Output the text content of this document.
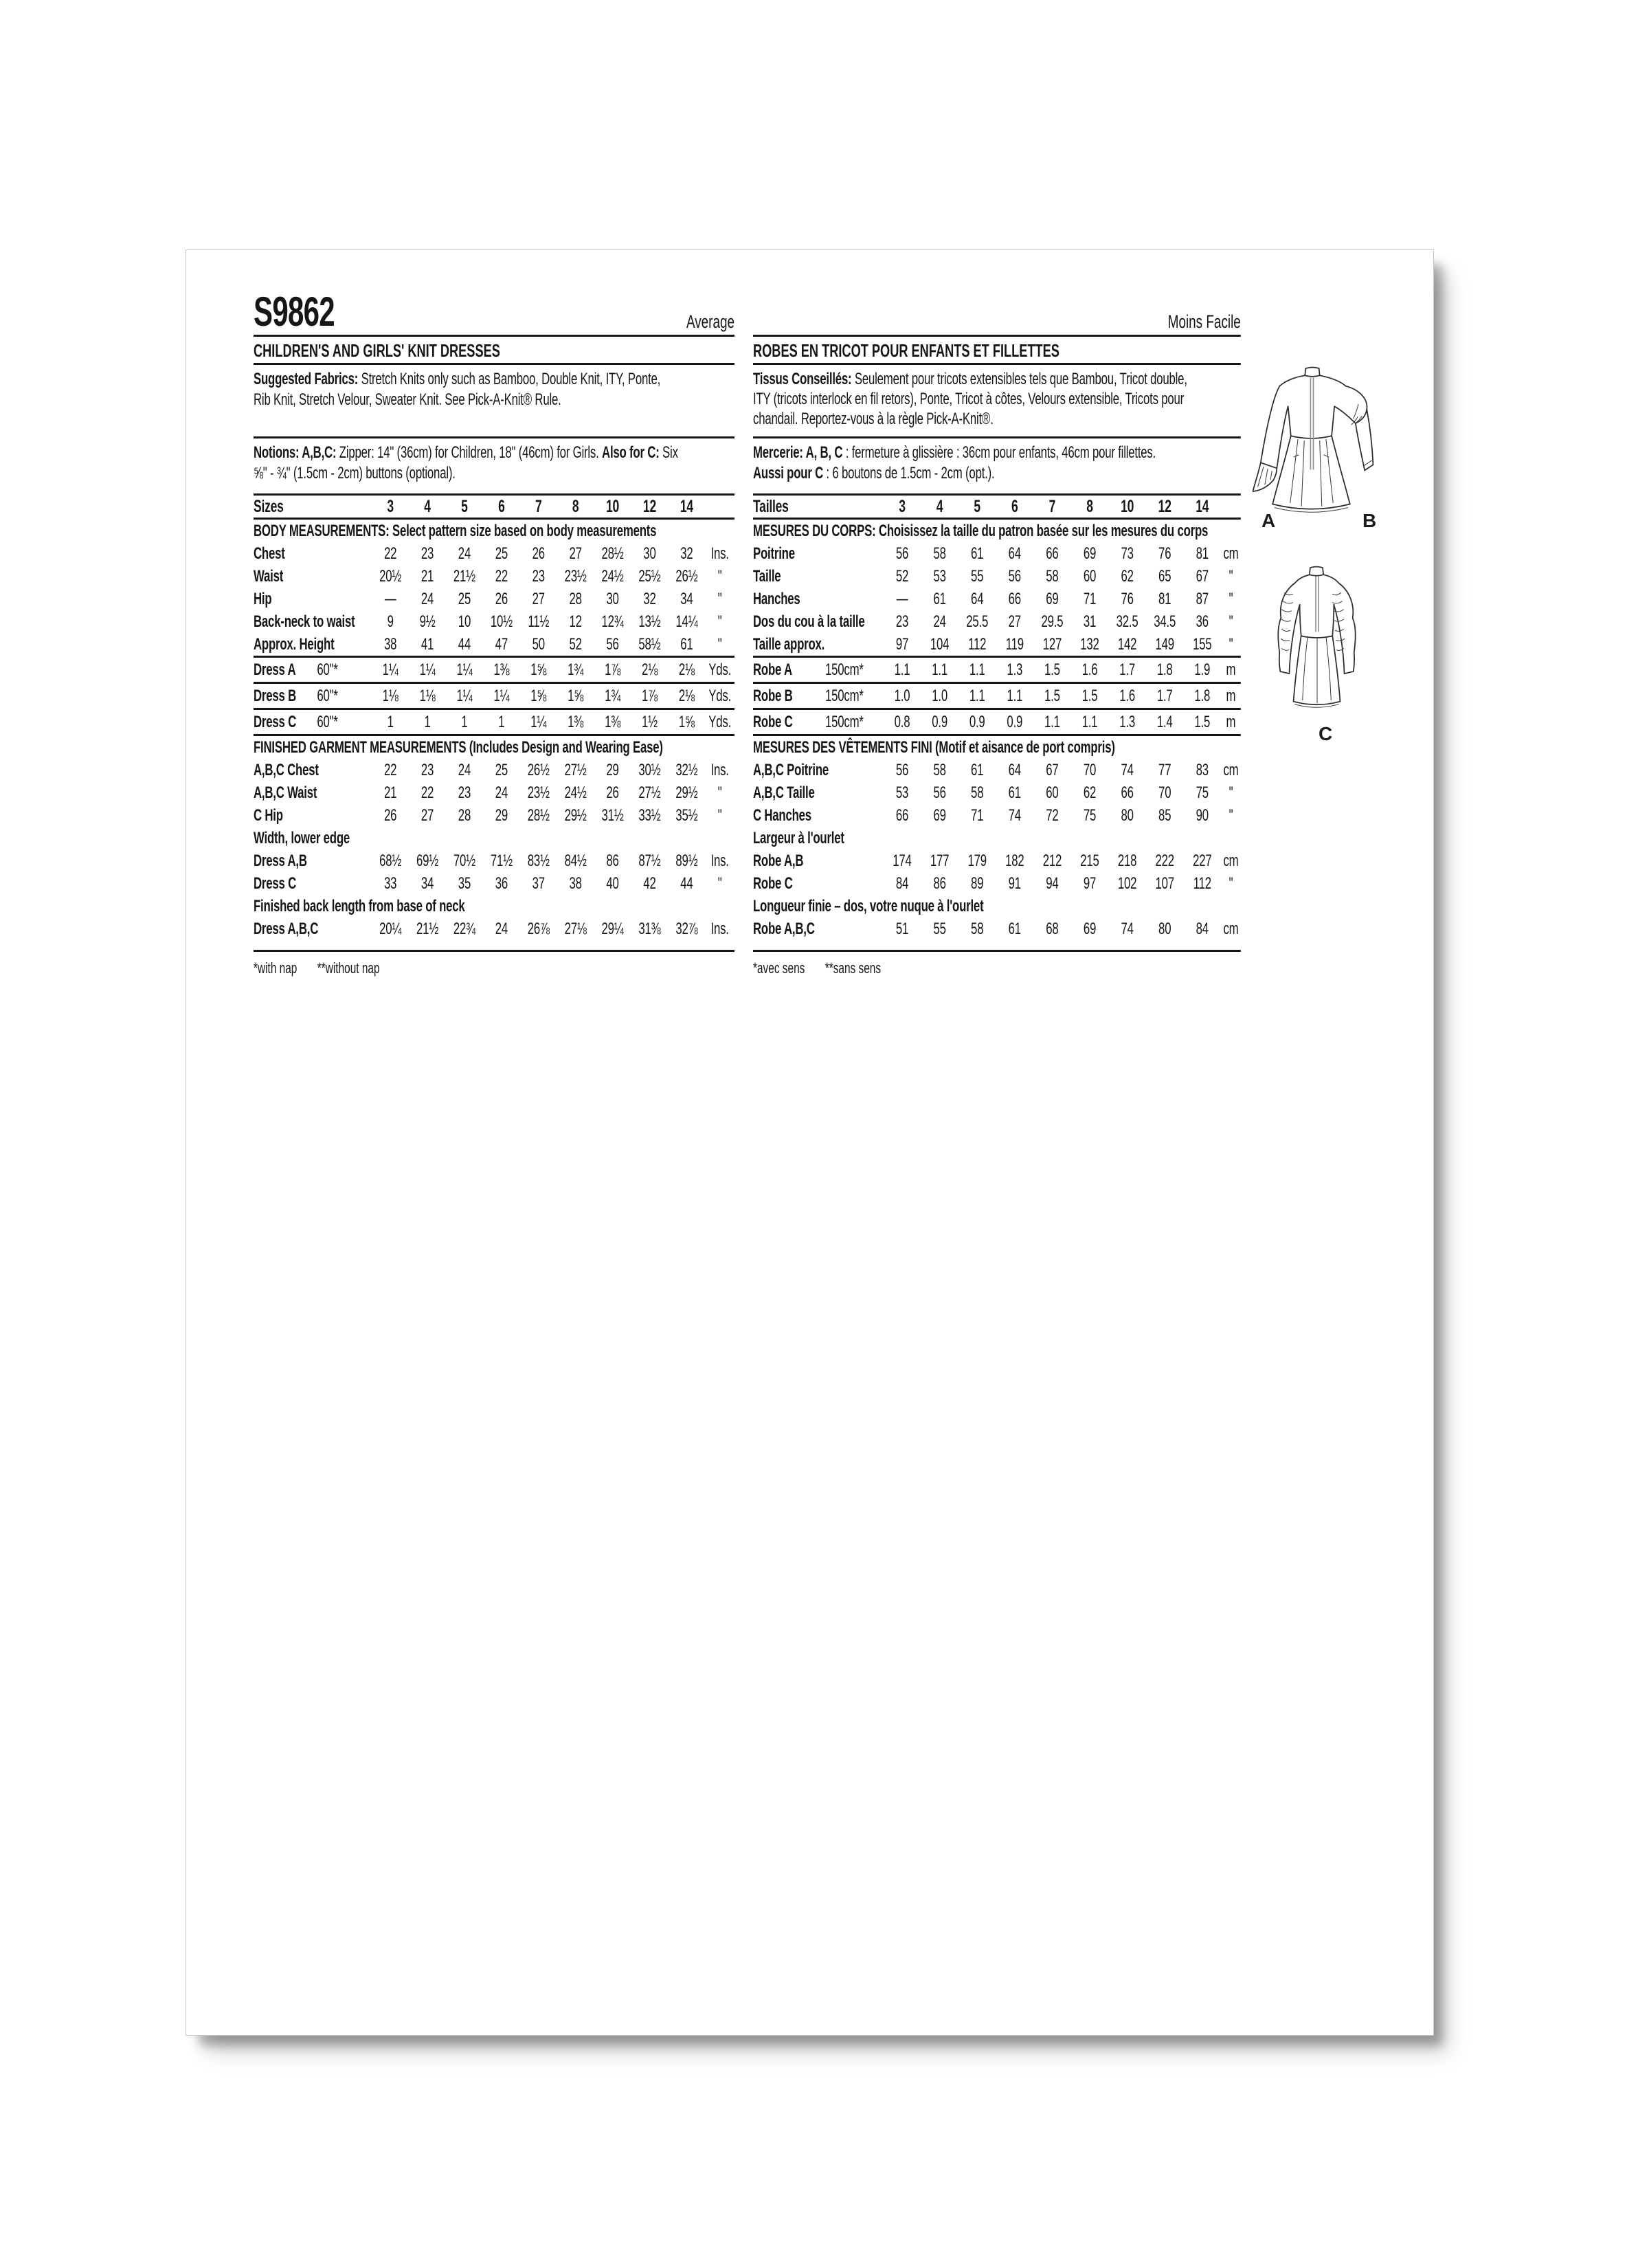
S9862	Average
CHILDREN'S AND GIRLS' KNIT DRESSES
Suggested Fabrics: Stretch Knits only such as Bamboo, Double Knit, ITY, Ponte,
Rib Knit, Stretch Velour, Sweater Knit. See Pick-A-Knit® Rule.
Notions: A,B,C: Zipper: 14" (36cm) for Children, 18" (46cm) for Girls. Also for C: Six
⅝" - ¾" (1.5cm - 2cm) buttons (optional).
Sizes	3	4	5	6	7	8	10	12	14
BODY MEASUREMENTS: Select pattern size based on body measurements
Chest	22	23	24	25	26	27	28½	30	32	Ins.
Waist	20½	21	21½	22	23	23½ 24½ 25½ 26½	"
Hip	—	24	25	26	27	28	30	32	34	"
Back-neck to waist	9	9½	10	10½ 11½	12	12¾ 13½ 14¼	"
Approx. Height	38	41	44	47	50	52	56	58½	61	"
Dress A 60"*	1¼	1¼	1¼	1⅜	1⅝	1¾	1⅞	2⅛	2⅛ Yds.
Dress B 60"*	1⅛	1⅛	1¼	1¼	1⅝	1⅝	1¾	1⅞	2⅛ Yds.
Dress C 60"*	1	1	1	1	1¼	1⅜	1⅜	1½	1⅝ Yds.
FINISHED GARMENT MEASUREMENTS (Includes Design and Wearing Ease)
A,B,C Chest	22	23	24	25	26½ 27½	29	30½ 32½ Ins.
A,B,C Waist	21	22	23	24	23½ 24½	26	27½ 29½	"
C Hip	26	27	28	29	28½ 29½ 31½ 33½ 35½	"
Width, lower edge
Dress A,B	68½ 69½ 70½ 71½ 83½ 84½	86	87½ 89½ Ins.
Dress C	33	34	35	36	37	38	40	42	44	"
Finished back length from base of neck
Dress A,B,C	20¼ 21½ 22¾	24	26⅞ 27⅛ 29¼ 31⅜ 32⅞ Ins.
*with nap **without nap
Moins Facile
ROBES EN TRICOT POUR ENFANTS ET FILLETTES
Tissus Conseillés: Seulement pour tricots extensibles tels que Bambou, Tricot double,
ITY (tricots interlock en fil retors), Ponte, Tricot à côtes, Velours extensible, Tricots pour
chandail. Reportez-vous à la règle Pick-A-Knit®.
Mercerie: A, B, C : fermeture à glissière : 36cm pour enfants, 46cm pour fillettes.
Aussi pour C : 6 boutons de 1.5cm - 2cm (opt.).
Tailles	3	4	5	6	7	8	10	12	14
MESURES DU CORPS: Choisissez la taille du patron basée sur les mesures du corps
Poitrine	56	58	61	64	66	69	73	76	81 cm
Taille	52	53	55	56	58	60	62	65	67	"
Hanches	—	61	64	66	69	71	76	81	87	"
Dos du cou à la taille	23	24	25.5	27	29.5	31	32.5 34.5	36	"
Taille approx.	97	104	112	119	127	132	142	149	155	"
Robe A 150cm*	1.1	1.1	1.1	1.3	1.5	1.6	1.7	1.8	1.9 m
Robe B 150cm*	1.0	1.0	1.1	1.1	1.5	1.5	1.6	1.7	1.8 m
Robe C 150cm*	0.8	0.9	0.9	0.9	1.1	1.1	1.3	1.4	1.5 m
MESURES DES VÊTEMENTS FINI (Motif et aisance de port compris)
A,B,C Poitrine	56	58	61	64	67	70	74	77	83 cm
A,B,C Taille	53	56	58	61	60	62	66	70	75	"
C Hanches	66	69	71	74	72	75	80	85	90	"
Largeur à l'ourlet
Robe A,B	174	177	179	182	212	215	218	222	227 cm
Robe C	84	86	89	91	94	97	102	107	112	"
Longueur finie – dos, votre nuque à l'ourlet
Robe A,B,C	51	55	58	61	68	69	74	80	84 cm
*avec sens **sans sens
A	B
C
